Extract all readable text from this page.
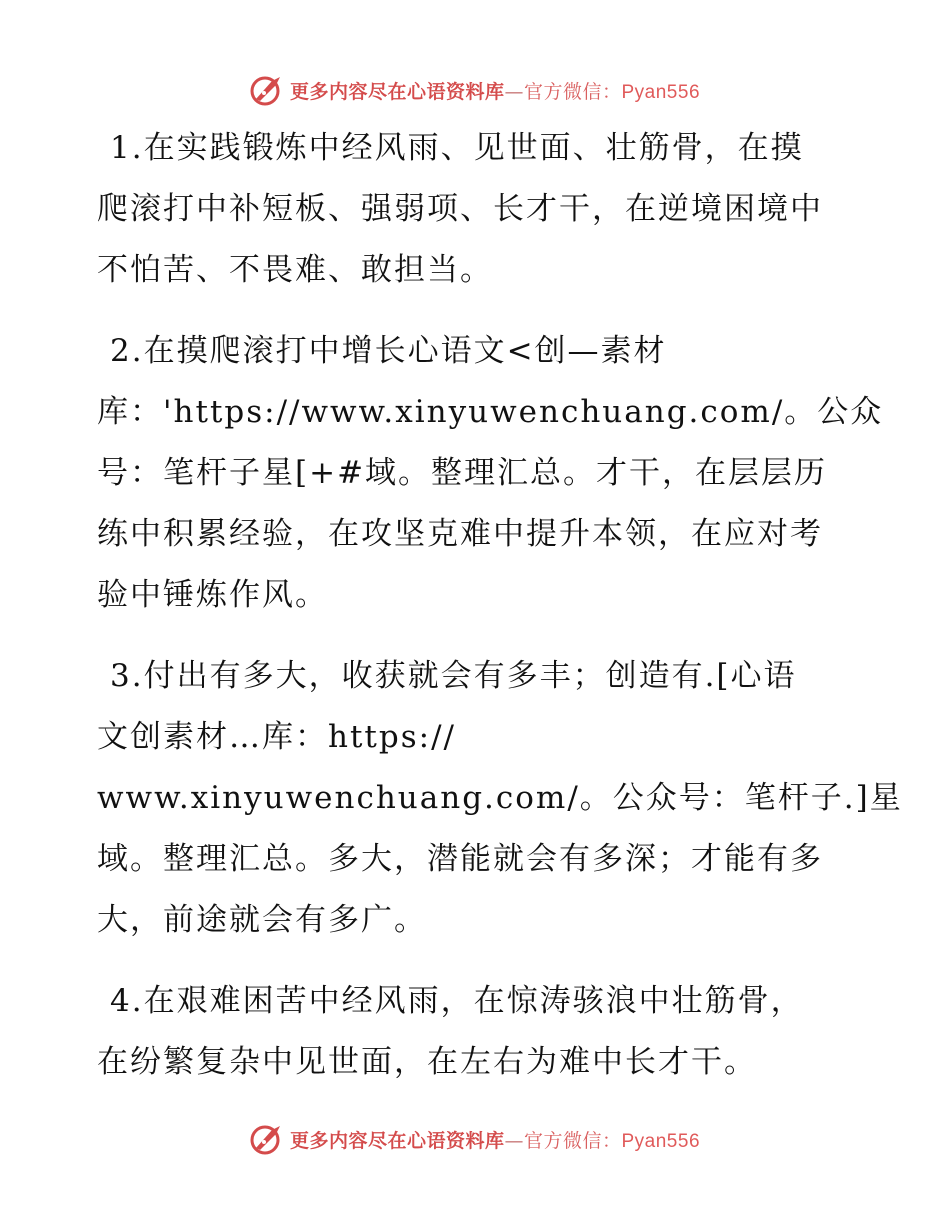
更多内容尽在心语资料库—官方微信：Pyan556

1.在实践锻炼中经风雨、见世面、壮筋骨，在摸
爬滚打中补短板、强弱项、长才干，在逆境困境中
不怕苦、不畏难、敢担当。

2.在摸爬滚打中增长心语文<创—素材
库：'https://www.xinyuwenchuang.com/。公众
号：笔杆子星[+#域。整理汇总。才干，在层层历
练中积累经验，在攻坚克难中提升本领，在应对考
验中锤炼作风。

3.付出有多大，收获就会有多丰；创造有.[心语
文创素材…库：https://
www.xinyuwenchuang.com/。公众号：笔杆子.]星
域。整理汇总。多大，潜能就会有多深；才能有多
大，前途就会有多广。

4.在艰难困苦中经风雨，在惊涛骇浪中壮筋骨，
在纷繁复杂中见世面，在左右为难中长才干。

更多内容尽在心语资料库—官方微信：Pyan556
